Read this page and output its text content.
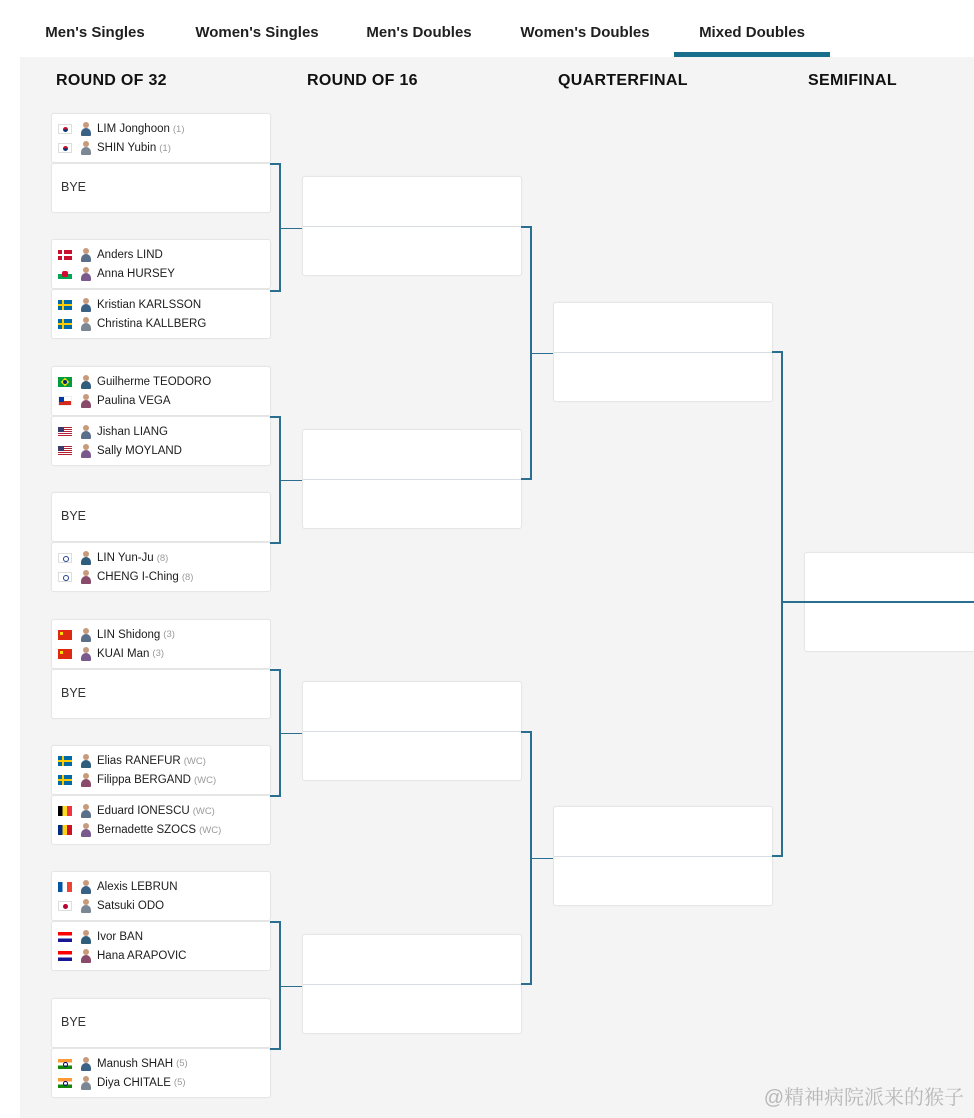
Men's Singles	Women's Singles	Men's Doubles	Women's Doubles	Mixed Doubles
ROUND OF 32	ROUND OF 16	QUARTERFINAL	SEMIFINAL
LIM Jonghoon (1)
SHIN Yubin (1)
BYE
Anders LIND
Anna HURSEY
Kristian KARLSSON
Christina KALLBERG
Guilherme TEODORO
Paulina VEGA
Jishan LIANG
Sally MOYLAND
BYE
LIN Yun-Ju (8)
CHENG I-Ching (8)
LIN Shidong (3)
KUAI Man (3)
BYE
Elias RANEFUR (WC)
Filippa BERGAND (WC)
Eduard IONESCU (WC)
Bernadette SZOCS (WC)
Alexis LEBRUN
Satsuki ODO
Ivor BAN
Hana ARAPOVIC
BYE
Manush SHAH (5)
Diya CHITALE (5)
@精神病院派来的猴子
